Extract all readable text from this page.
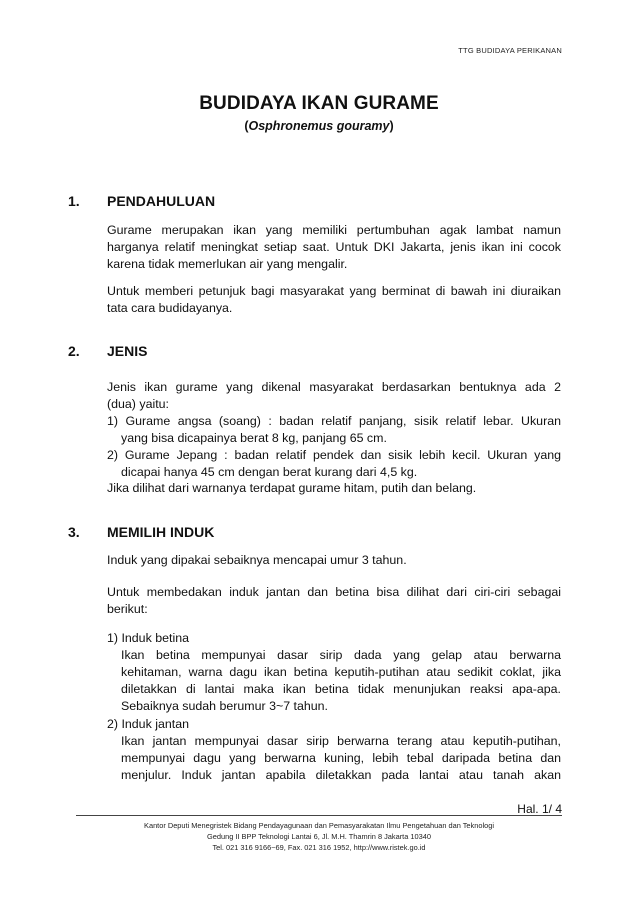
TTG BUDIDAYA PERIKANAN
BUDIDAYA IKAN GURAME
(Osphronemus gouramy)
1. PENDAHULUAN
Gurame merupakan ikan yang memiliki pertumbuhan agak lambat namun
harganya relatif meningkat setiap saat. Untuk DKI Jakarta, jenis ikan ini cocok
karena tidak memerlukan air yang mengalir.
Untuk memberi petunjuk bagi masyarakat yang berminat di bawah ini diuraikan
tata cara budidayanya.
2. JENIS
Jenis ikan gurame yang dikenal masyarakat berdasarkan bentuknya ada 2
(dua) yaitu:
1) Gurame angsa (soang) : badan relatif panjang, sisik relatif lebar. Ukuran
yang bisa dicapainya berat 8 kg, panjang 65 cm.
2) Gurame Jepang : badan relatif pendek dan sisik lebih kecil. Ukuran yang
dicapai hanya 45 cm dengan berat kurang dari 4,5 kg.
Jika dilihat dari warnanya terdapat gurame hitam, putih dan belang.
3. MEMILIH INDUK
Induk yang dipakai sebaiknya mencapai umur 3 tahun.
Untuk membedakan induk jantan dan betina bisa dilihat dari ciri-ciri sebagai
berikut:
1) Induk betina
Ikan betina mempunyai dasar sirip dada yang gelap atau berwarna
kehitaman, warna dagu ikan betina keputih-putihan atau sedikit coklat, jika
diletakkan di lantai maka ikan betina tidak menunjukan reaksi apa-apa.
Sebaiknya sudah berumur 3~7 tahun.
2) Induk jantan
Ikan jantan mempunyai dasar sirip berwarna terang atau keputih-putihan,
mempunyai dagu yang berwarna kuning, lebih tebal daripada betina dan
menjulur. Induk jantan apabila diletakkan pada lantai atau tanah akan
Hal. 1/ 4
Kantor Deputi Menegristek Bidang Pendayagunaan dan Pemasyarakatan Ilmu Pengetahuan dan Teknologi
Gedung II BPP Teknologi Lantai 6, Jl. M.H. Thamrin 8 Jakarta 10340
Tel. 021 316 9166~69, Fax. 021 316 1952, http://www.ristek.go.id
